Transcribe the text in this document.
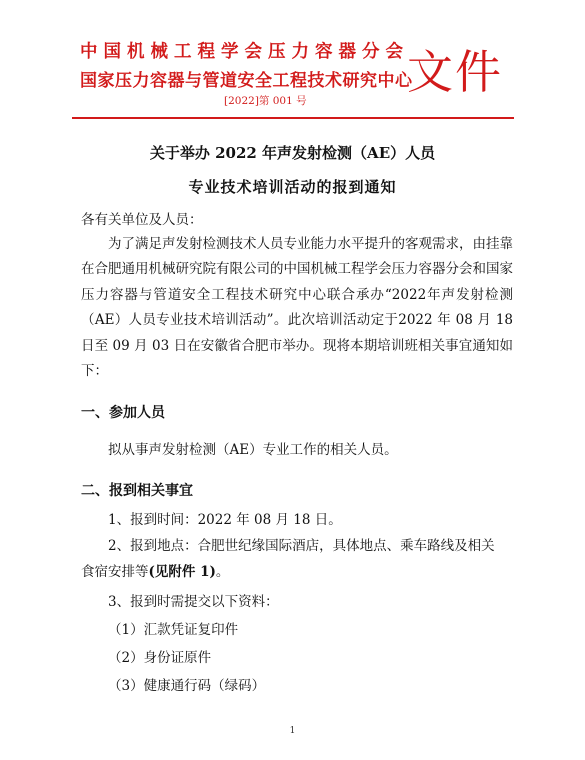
中国机械工程学会压力容器分会
国家压力容器与管道安全工程技术研究中心
文件
[2022]第 001 号
关于举办 2022 年声发射检测（AE）人员
专业技术培训活动的报到通知
各有关单位及人员：
为了满足声发射检测技术人员专业能力水平提升的客观需求，由挂靠在合肥通用机械研究院有限公司的中国机械工程学会压力容器分会和国家压力容器与管道安全工程技术研究中心联合承办“2022年声发射检测（AE）人员专业技术培训活动”。此次培训活动定于2022 年 08 月 18 日至 09 月 03 日在安徽省合肥市举办。现将本期培训班相关事宜通知如下：
一、参加人员
拟从事声发射检测（AE）专业工作的相关人员。
二、报到相关事宜
1、报到时间：2022 年 08 月 18 日。
2、报到地点：合肥世纪缘国际酒店，具体地点、乘车路线及相关
食宿安排等(见附件 1)。
3、报到时需提交以下资料：
（1）汇款凭证复印件
（2）身份证原件
（3）健康通行码（绿码）
1
